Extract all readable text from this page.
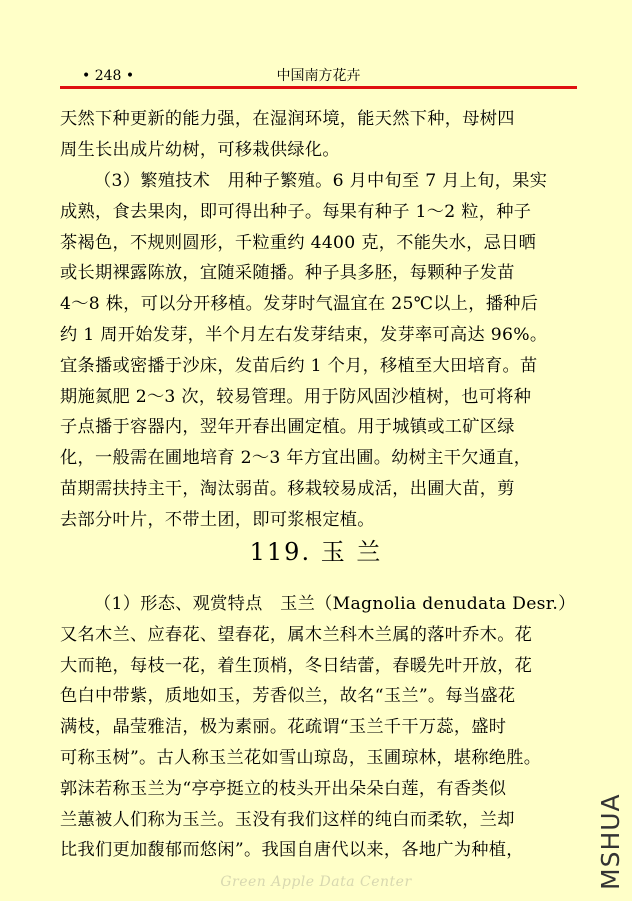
• 248 •	中国南方花卉
天然下种更新的能力强，在湿润环境，能天然下种，母树四
周生长出成片幼树，可移栽供绿化。
（3）繁殖技术　用种子繁殖。6 月中旬至 7 月上旬，果实
成熟，食去果肉，即可得出种子。每果有种子 1～2 粒，种子
茶褐色，不规则圆形，千粒重约 4400 克，不能失水，忌日晒
或长期裸露陈放，宜随采随播。种子具多胚，每颗种子发苗
4～8 株，可以分开移植。发芽时气温宜在 25℃以上，播种后
约 1 周开始发芽，半个月左右发芽结束，发芽率可高达 96%。
宜条播或密播于沙床，发苗后约 1 个月，移植至大田培育。苗
期施氮肥 2～3 次，较易管理。用于防风固沙植树，也可将种
子点播于容器内，翌年开春出圃定植。用于城镇或工矿区绿
化，一般需在圃地培育 2～3 年方宜出圃。幼树主干欠通直，
苗期需扶持主干，淘汰弱苗。移栽较易成活，出圃大苗，剪
去部分叶片，不带土团，即可浆根定植。
119. 玉 兰
（1）形态、观赏特点　玉兰（Magnolia denudata Desr.）
又名木兰、应春花、望春花，属木兰科木兰属的落叶乔木。花
大而艳，每枝一花，着生顶梢，冬日结蕾，春暖先叶开放，花
色白中带紫，质地如玉，芳香似兰，故名“玉兰”。每当盛花
满枝，晶莹雅洁，极为素丽。花疏谓“玉兰千干万蕊，盛时
可称玉树”。古人称玉兰花如雪山琼岛，玉圃琼林，堪称绝胜。
郭沫若称玉兰为“亭亭挺立的枝头开出朵朵白莲，有香类似
兰蕙被人们称为玉兰。玉没有我们这样的纯白而柔软，兰却
比我们更加馥郁而悠闲”。我国自唐代以来，各地广为种植，	MSHUA
Green Apple Data Center
